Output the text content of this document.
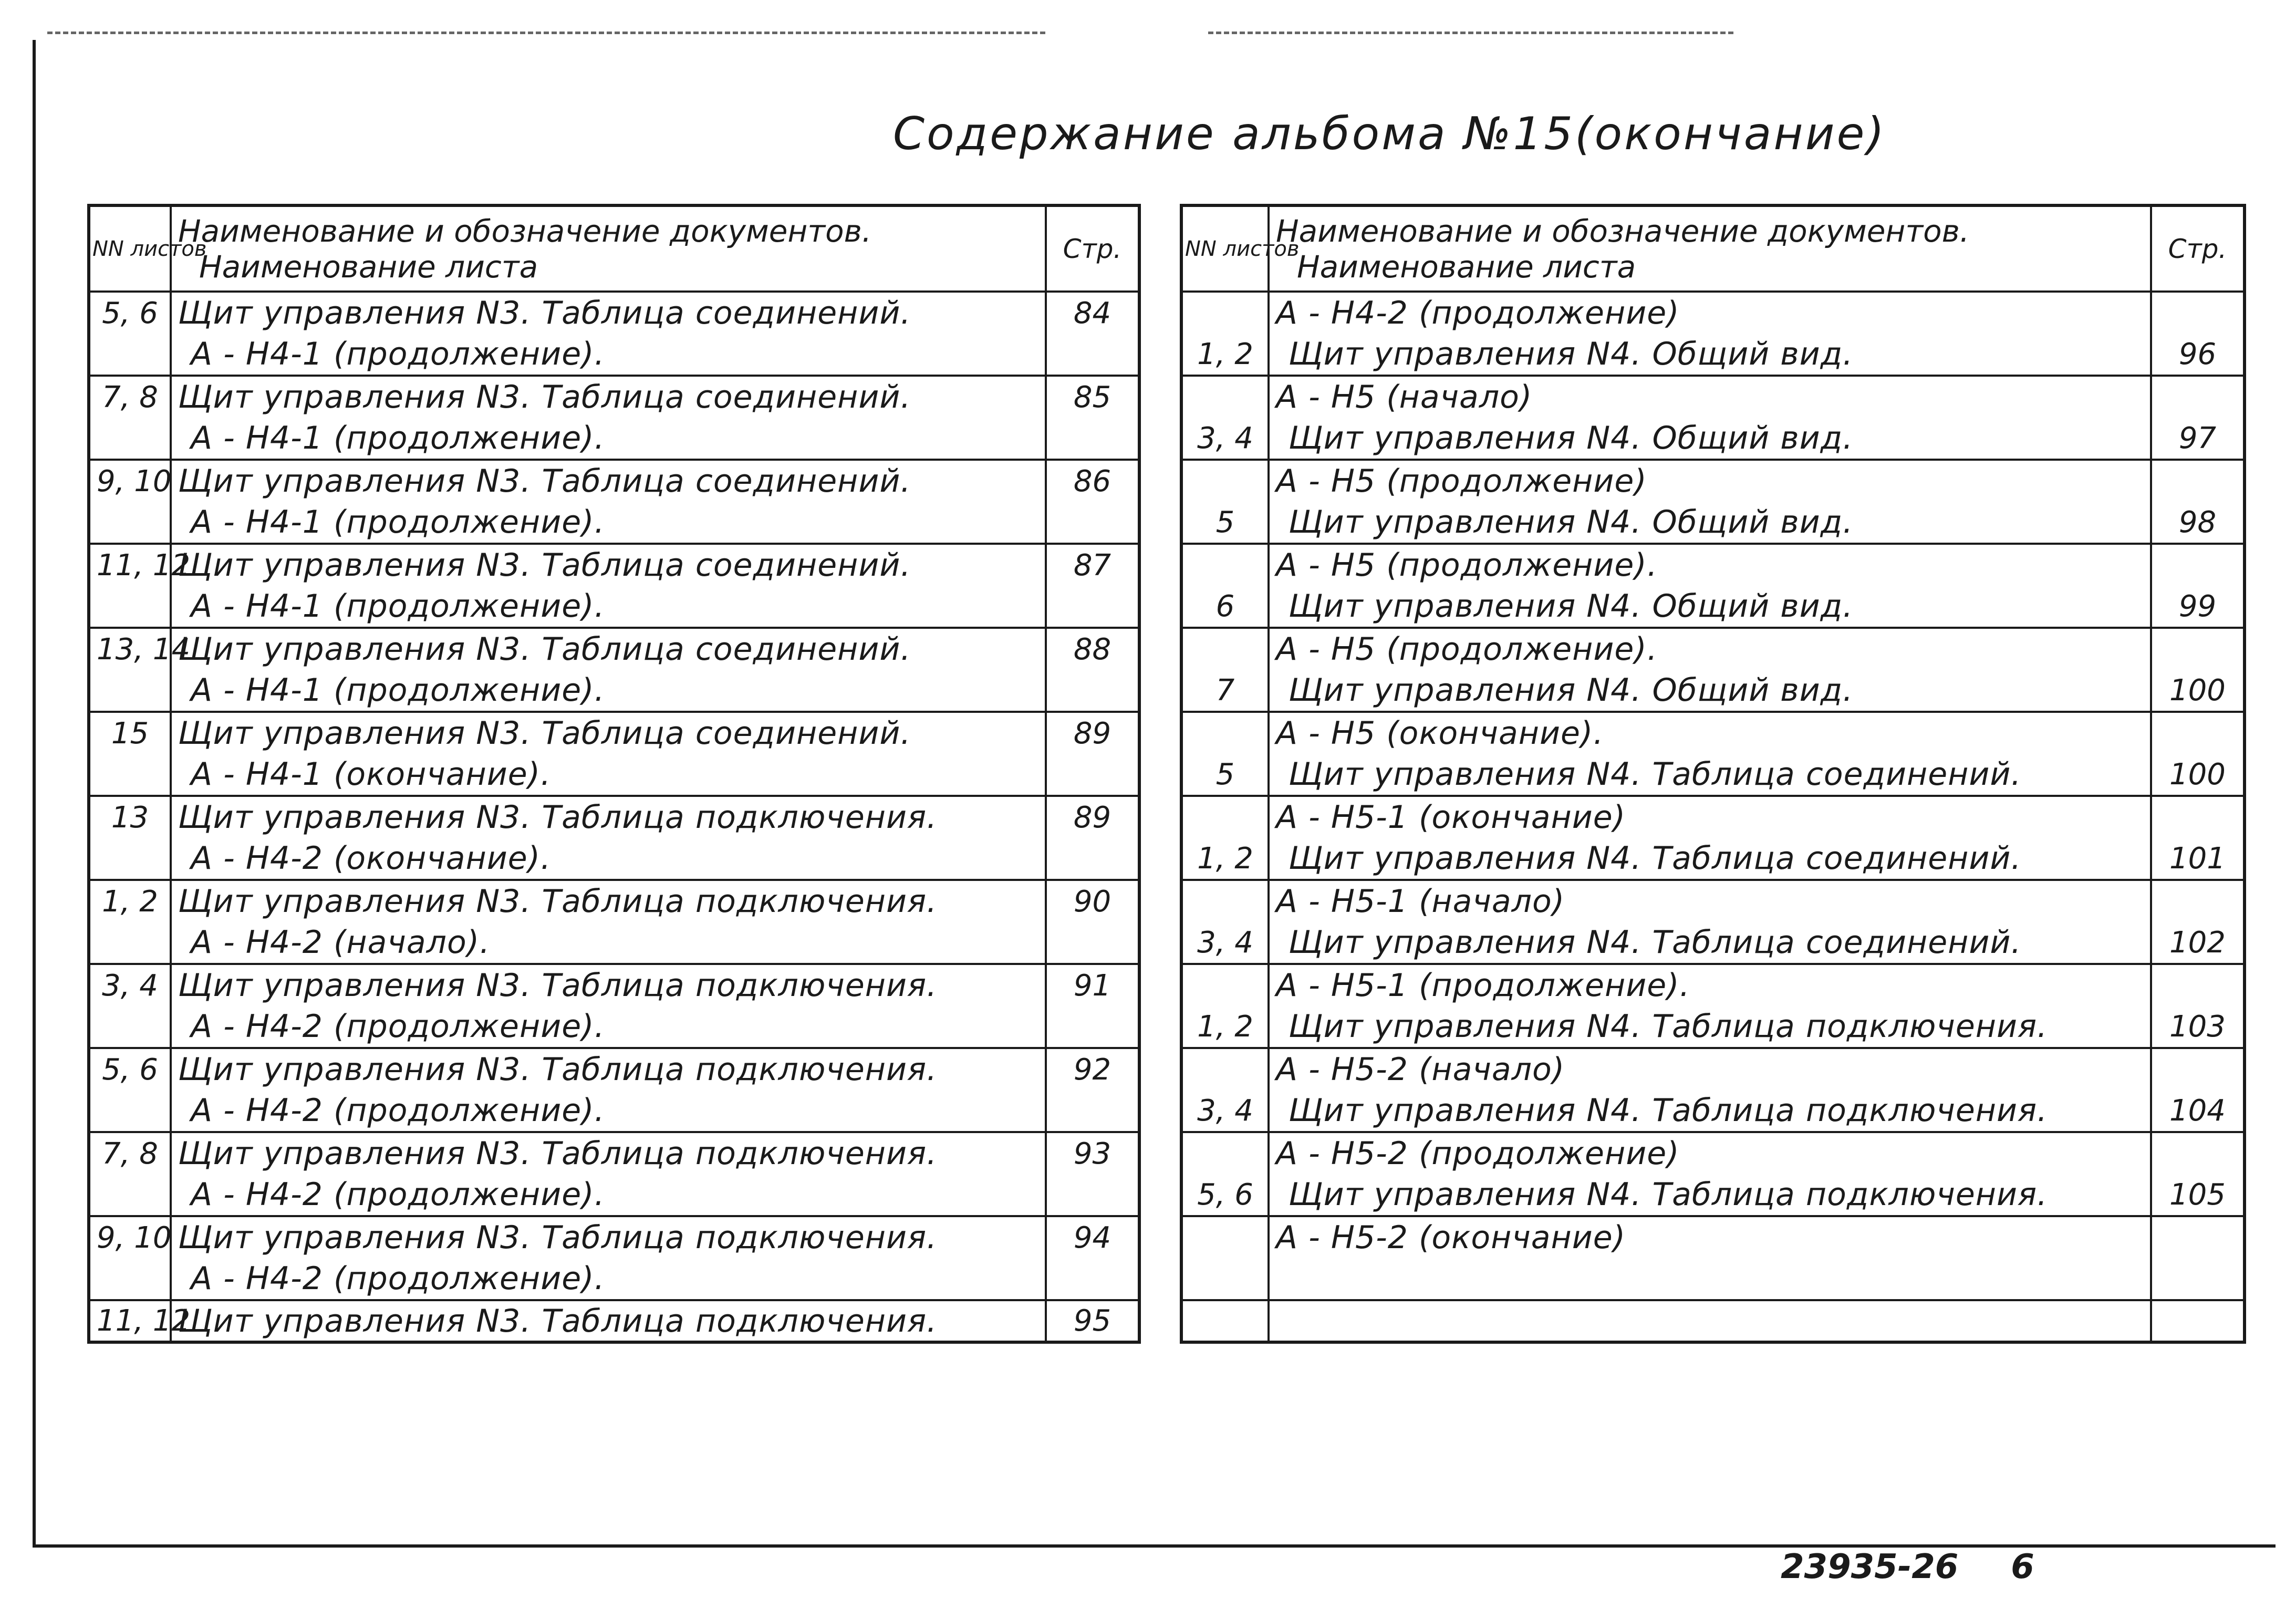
Содержание альбома №15(окончание)
NN листов	Наименование и обозначение документов.
Наименование листа	Стр.
5, 6	Щит управления N3. Таблица соединений.	84
	А - Н4-1 (продолжение).	
7, 8	Щит управления N3. Таблица соединений.	85
	А - Н4-1 (продолжение).	
9, 10	Щит управления N3. Таблица соединений.	86
	А - Н4-1 (продолжение).	
11, 12	Щит управления N3. Таблица соединений.	87
	А - Н4-1 (продолжение).	
13, 14	Щит управления N3. Таблица соединений.	88
	А - Н4-1 (продолжение).	
15	Щит управления N3. Таблица соединений.	89
	А - Н4-1 (окончание).	
13	Щит управления N3. Таблица подключения.	89
	А - Н4-2 (окончание).	
1, 2	Щит управления N3. Таблица подключения.	90
	А - Н4-2 (начало).	
3, 4	Щит управления N3. Таблица подключения.	91
	А - Н4-2 (продолжение).	
5, 6	Щит управления N3. Таблица подключения.	92
	А - Н4-2 (продолжение).	
7, 8	Щит управления N3. Таблица подключения.	93
	А - Н4-2 (продолжение).	
9, 10	Щит управления N3. Таблица подключения.	94
	А - Н4-2 (продолжение).	
11, 12	Щит управления N3. Таблица подключения.	95
NN листов	Наименование и обозначение документов.
Наименование листа	Стр.
	А - Н4-2 (продолжение)	
1, 2	Щит управления N4. Общий вид.	96
	А - Н5 (начало)	
3, 4	Щит управления N4. Общий вид.	97
	А - Н5 (продолжение)	
5	Щит управления N4. Общий вид.	98
	А - Н5 (продолжение).	
6	Щит управления N4. Общий вид.	99
	А - Н5 (продолжение).	
7	Щит управления N4. Общий вид.	100
	А - Н5 (окончание).	
5	Щит управления N4. Таблица соединений.	100
	А - Н5-1 (окончание)	
1, 2	Щит управления N4. Таблица соединений.	101
	А - Н5-1 (начало)	
3, 4	Щит управления N4. Таблица соединений.	102
	А - Н5-1 (продолжение).	
1, 2	Щит управления N4. Таблица подключения.	103
	А - Н5-2 (начало)	
3, 4	Щит управления N4. Таблица подключения.	104
	А - Н5-2 (продолжение)	
5, 6	Щит управления N4. Таблица подключения.	105
	А - Н5-2 (окончание)	

23935-26 6
